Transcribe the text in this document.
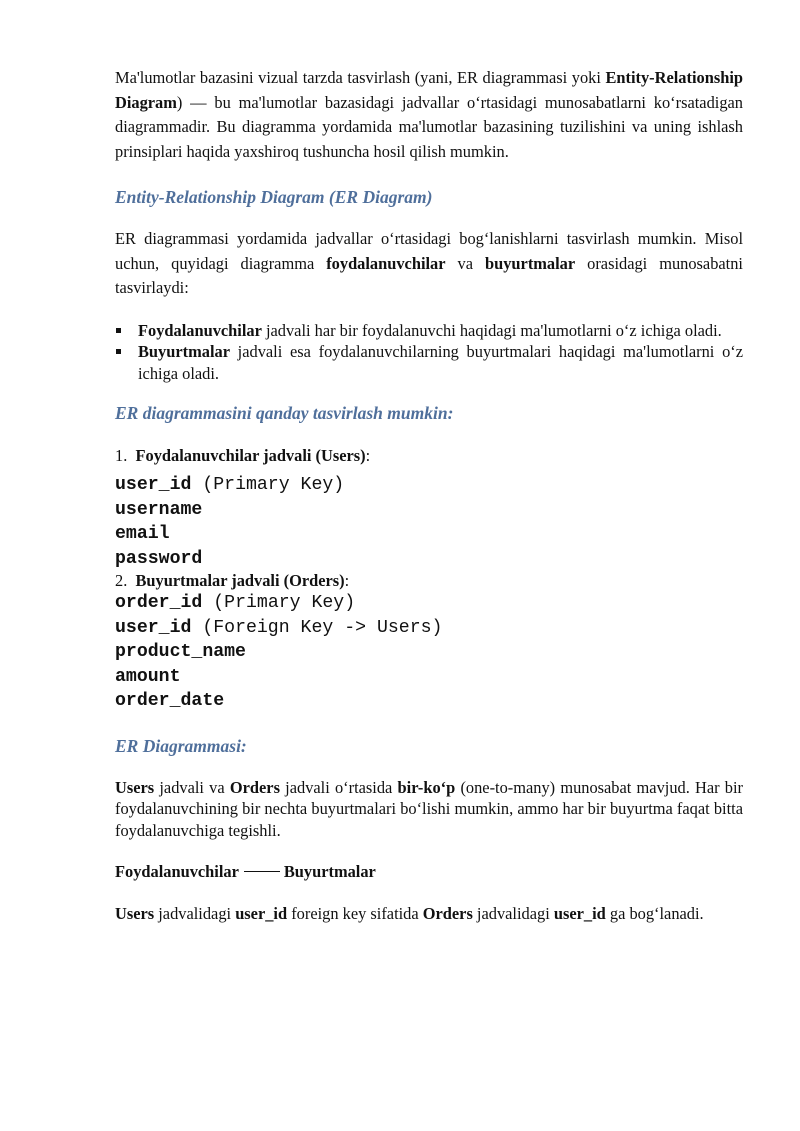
Ma'lumotlar bazasini vizual tarzda tasvirlash (yani, ER diagrammasi yoki Entity-Relationship Diagram) — bu ma'lumotlar bazasidagi jadvallar o‘rtasidagi munosabatlarni ko‘rsatadigan diagrammadir. Bu diagramma yordamida ma'lumotlar bazasining tuzilishini va uning ishlash prinsiplari haqida yaxshiroq tushuncha hosil qilish mumkin.

Entity-Relationship Diagram (ER Diagram)

ER diagrammasi yordamida jadvallar o‘rtasidagi bog‘lanishlarni tasvirlash mumkin. Misol uchun, quyidagi diagramma foydalanuvchilar va buyurtmalar orasidagi munosabatni tasvirlaydi:

Foydalanuvchilar jadvali har bir foydalanuvchi haqidagi ma'lumotlarni o‘z ichiga oladi.
Buyurtmalar jadvali esa foydalanuvchilarning buyurtmalari haqidagi ma'lumotlarni o‘z ichiga oladi.
ER diagrammasini qanday tasvirlash mumkin:
1. Foydalanuvchilar jadvali (Users):
user_id (Primary Key)
username
email
password
2. Buyurtmalar jadvali (Orders):
order_id (Primary Key)
user_id (Foreign Key -> Users)
product_name
amount
order_date
ER Diagrammasi:

Users jadvali va Orders jadvali o‘rtasida bir-ko‘p (one-to-many) munosabat mavjud. Har bir foydalanuvchining bir nechta buyurtmalari bo‘lishi mumkin, ammo har bir buyurtma faqat bitta foydalanuvchiga tegishli.

Foydalanuvchilar	Buyurtmalar

Users jadvalidagi user_id foreign key sifatida Orders jadvalidagi user_id ga bog‘lanadi.
